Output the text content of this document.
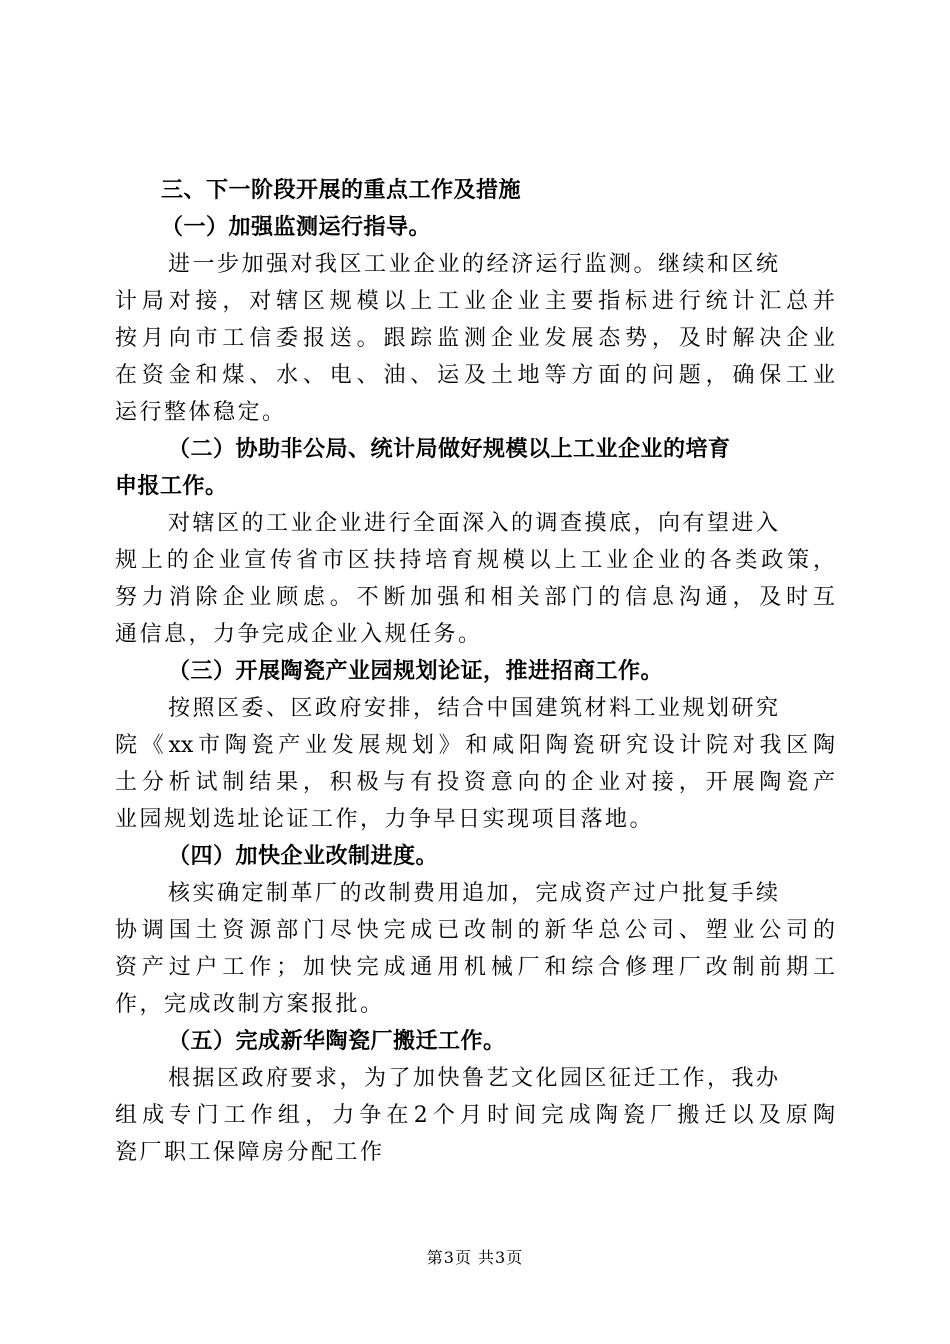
三、下一阶段开展的重点工作及措施
（一）加强监测运行指导。
进一步加强对我区工业企业的经济运行监测。继续和区统
计局对接，对辖区规模以上工业企业主要指标进行统计汇总并
按月向市工信委报送。跟踪监测企业发展态势，及时解决企业
在资金和煤、水、电、油、运及土地等方面的问题，确保工业
运行整体稳定。
（二）协助非公局、统计局做好规模以上工业企业的培育
申报工作。
对辖区的工业企业进行全面深入的调查摸底，向有望进入
规上的企业宣传省市区扶持培育规模以上工业企业的各类政策，
努力消除企业顾虑。不断加强和相关部门的信息沟通，及时互
通信息，力争完成企业入规任务。
（三）开展陶瓷产业园规划论证，推进招商工作。
按照区委、区政府安排，结合中国建筑材料工业规划研究
院《xx市陶瓷产业发展规划》和咸阳陶瓷研究设计院对我区陶
土分析试制结果，积极与有投资意向的企业对接，开展陶瓷产
业园规划选址论证工作，力争早日实现项目落地。
（四）加快企业改制进度。
核实确定制革厂的改制费用追加，完成资产过户批复手续
协调国土资源部门尽快完成已改制的新华总公司、塑业公司的
资产过户工作；加快完成通用机械厂和综合修理厂改制前期工
作，完成改制方案报批。
（五）完成新华陶瓷厂搬迁工作。
根据区政府要求，为了加快鲁艺文化园区征迁工作，我办
组成专门工作组，力争在2个月时间完成陶瓷厂搬迁以及原陶
瓷厂职工保障房分配工作
第3页 共3页
